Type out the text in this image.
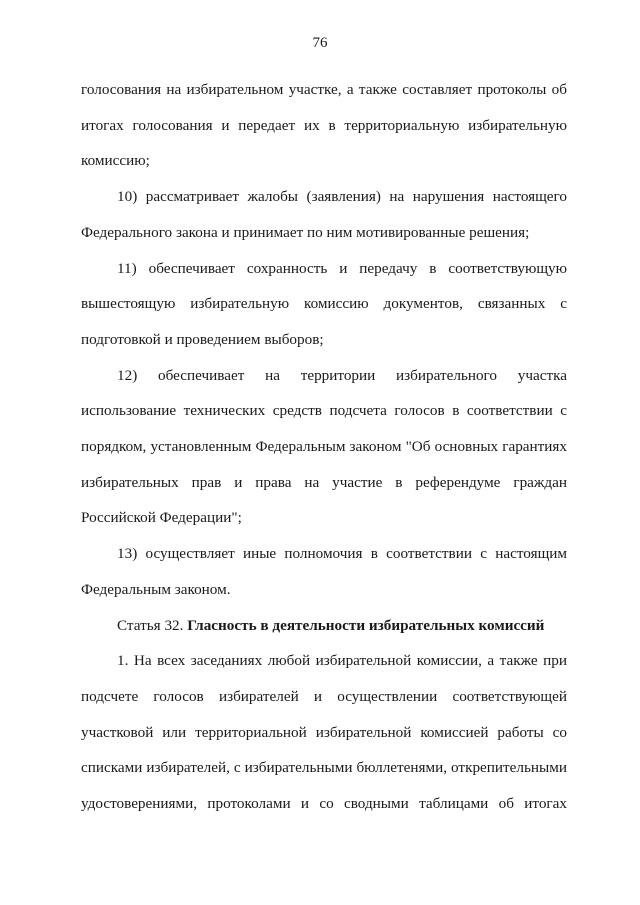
76

голосования на избирательном участке, а также составляет протоколы об итогах голосования и передает их в территориальную избирательную комиссию;

10) рассматривает жалобы (заявления) на нарушения настоящего Федерального закона и принимает по ним мотивированные решения;

11) обеспечивает сохранность и передачу в соответствующую вышестоящую избирательную комиссию документов, связанных с подготовкой и проведением выборов;

12) обеспечивает на территории избирательного участка использование технических средств подсчета голосов в соответствии с порядком, установленным Федеральным законом "Об основных гарантиях избирательных прав и права на участие в референдуме граждан Российской Федерации";

13) осуществляет иные полномочия в соответствии с настоящим Федеральным законом.

Статья 32. Гласность в деятельности избирательных комиссий

1. На всех заседаниях любой избирательной комиссии, а также при подсчете голосов избирателей и осуществлении соответствующей участковой или территориальной избирательной комиссией работы со списками избирателей, с избирательными бюллетенями, открепительными удостоверениями, протоколами и со сводными таблицами об итогах
